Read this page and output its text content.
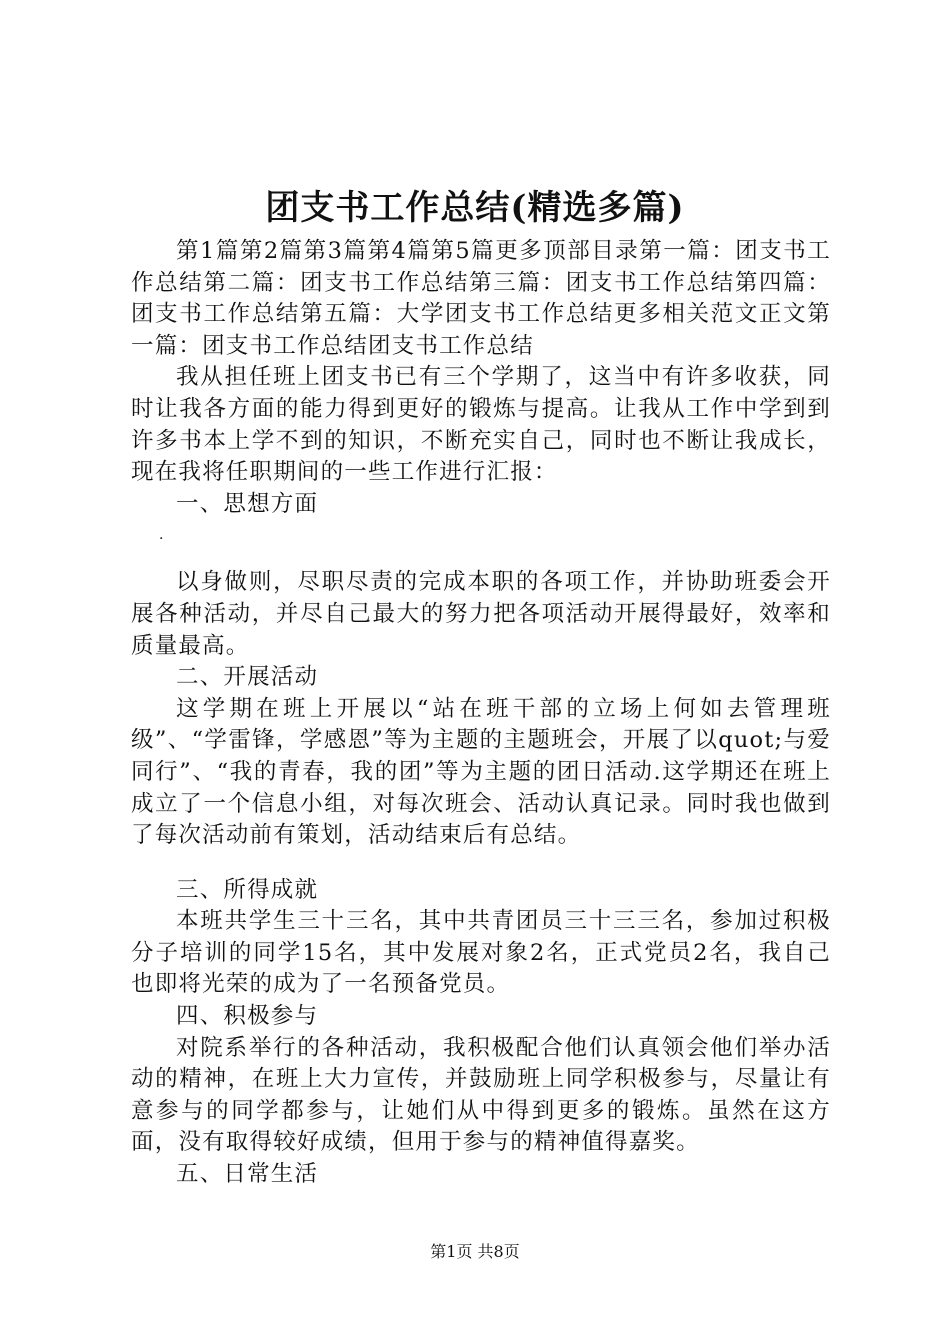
团支书工作总结(精选多篇)

第1篇第2篇第3篇第4篇第5篇更多顶部目录第一篇：团支书工作总结第二篇：团支书工作总结第三篇：团支书工作总结第四篇：团支书工作总结第五篇：大学团支书工作总结更多相关范文正文第一篇：团支书工作总结团支书工作总结

我从担任班上团支书已有三个学期了，这当中有许多收获，同时让我各方面的能力得到更好的锻炼与提高。让我从工作中学到到许多书本上学不到的知识，不断充实自己，同时也不断让我成长，现在我将任职期间的一些工作进行汇报：

一、思想方面

.

以身做则，尽职尽责的完成本职的各项工作，并协助班委会开展各种活动，并尽自己最大的努力把各项活动开展得最好，效率和质量最高。

二、开展活动

这学期在班上开展以“站在班干部的立场上何如去管理班级”、“学雷锋，学感恩”等为主题的主题班会，开展了以quot;与爱同行”、“我的青春，我的团”等为主题的团日活动.这学期还在班上成立了一个信息小组，对每次班会、活动认真记录。同时我也做到了每次活动前有策划，活动结束后有总结。

三、所得成就

本班共学生三十三名，其中共青团员三十三三名，参加过积极分子培训的同学15名，其中发展对象2名，正式党员2名，我自己也即将光荣的成为了一名预备党员。

四、积极参与

对院系举行的各种活动，我积极配合他们认真领会他们举办活动的精神，在班上大力宣传，并鼓励班上同学积极参与，尽量让有意参与的同学都参与，让她们从中得到更多的锻炼。虽然在这方面，没有取得较好成绩，但用于参与的精神值得嘉奖。

五、日常生活

第1页 共8页
